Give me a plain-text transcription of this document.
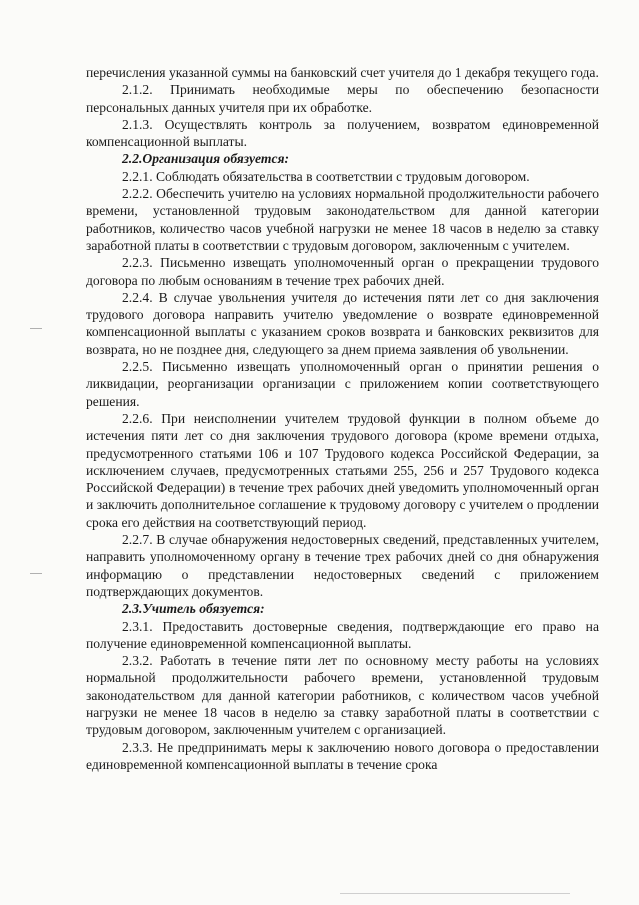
перечисления указанной суммы на банковский счет учителя до 1 декабря текущего года.

2.1.2. Принимать необходимые меры по обеспечению безопасности персональных данных учителя при их обработке.

2.1.3. Осуществлять контроль за получением, возвратом единовременной компенсационной выплаты.

2.2.Организация обязуется:

2.2.1. Соблюдать обязательства в соответствии с трудовым договором.

2.2.2. Обеспечить учителю на условиях нормальной продолжительности рабочего времени, установленной трудовым законодательством для данной категории работников, количество часов учебной нагрузки не менее 18 часов в неделю за ставку заработной платы в соответствии с трудовым договором, заключенным с учителем.

2.2.3. Письменно извещать уполномоченный орган о прекращении трудового договора по любым основаниям в течение трех рабочих дней.

2.2.4. В случае увольнения учителя до истечения пяти лет со дня заключения трудового договора направить учителю уведомление о возврате единовременной компенсационной выплаты с указанием сроков возврата и банковских реквизитов для возврата, но не позднее дня, следующего за днем приема заявления об увольнении.

2.2.5. Письменно извещать уполномоченный орган о принятии решения о ликвидации, реорганизации организации с приложением копии соответствующего решения.

2.2.6. При неисполнении учителем трудовой функции в полном объеме до истечения пяти лет со дня заключения трудового договора (кроме времени отдыха, предусмотренного статьями 106 и 107 Трудового кодекса Российской Федерации, за исключением случаев, предусмотренных статьями 255, 256 и 257 Трудового кодекса Российской Федерации) в течение трех рабочих дней уведомить уполномоченный орган и заключить дополнительное соглашение к трудовому договору с учителем о продлении срока его действия на соответствующий период.

2.2.7. В случае обнаружения недостоверных сведений, представленных учителем, направить уполномоченному органу в течение трех рабочих дней со дня обнаружения информацию о представлении недостоверных сведений с приложением подтверждающих документов.

2.3.Учитель обязуется:

2.3.1. Предоставить достоверные сведения, подтверждающие его право на получение единовременной компенсационной выплаты.

2.3.2. Работать в течение пяти лет по основному месту работы на условиях нормальной продолжительности рабочего времени, установленной трудовым законодательством для данной категории работников, с количеством часов учебной нагрузки не менее 18 часов в неделю за ставку заработной платы в соответствии с трудовым договором, заключенным учителем с организацией.

2.3.3. Не предпринимать меры к заключению нового договора о предоставлении единовременной компенсационной выплаты в течение срока
